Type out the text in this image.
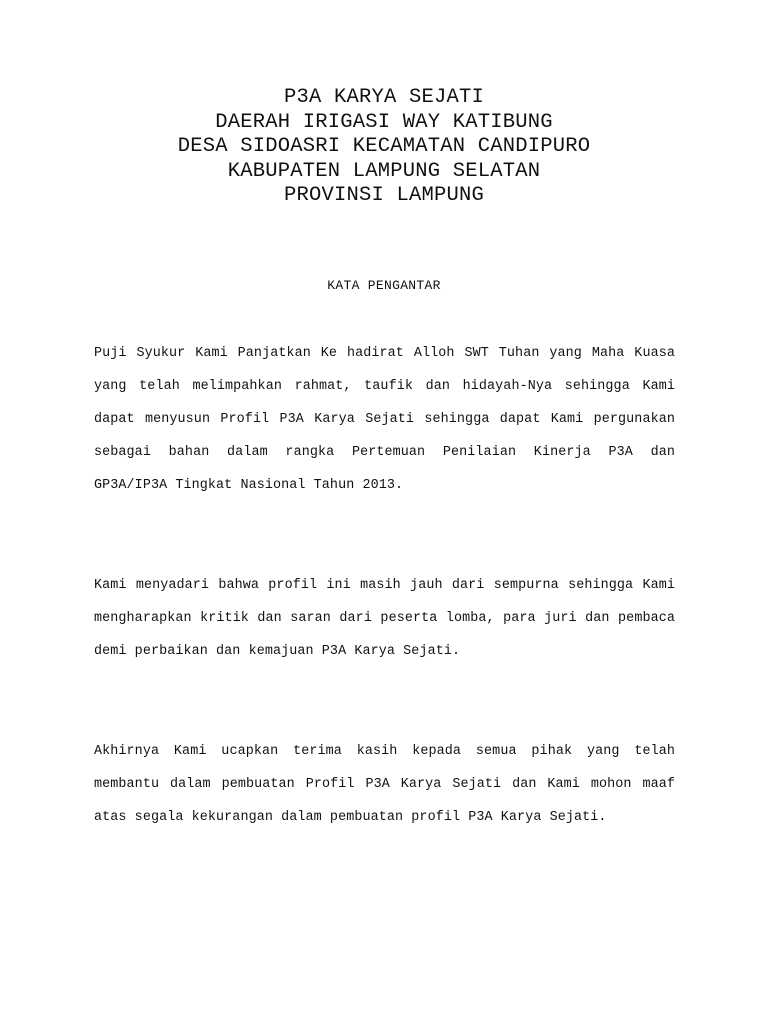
P3A KARYA SEJATI
DAERAH IRIGASI WAY KATIBUNG
DESA SIDOASRI KECAMATAN CANDIPURO
KABUPATEN LAMPUNG SELATAN
PROVINSI LAMPUNG
KATA PENGANTAR

Puji Syukur Kami Panjatkan Ke hadirat Alloh SWT Tuhan yang Maha Kuasa yang telah melimpahkan rahmat, taufik dan hidayah-Nya sehingga Kami dapat menyusun Profil P3A Karya Sejati sehingga dapat Kami pergunakan sebagai bahan dalam rangka Pertemuan Penilaian Kinerja P3A dan GP3A/IP3A Tingkat Nasional Tahun 2013.

Kami menyadari bahwa profil ini masih jauh dari sempurna sehingga Kami mengharapkan kritik dan saran dari peserta lomba, para juri dan pembaca demi perbaikan dan kemajuan P3A Karya Sejati.

Akhirnya Kami ucapkan terima kasih kepada semua pihak yang telah membantu dalam pembuatan Profil P3A Karya Sejati dan Kami mohon maaf atas segala kekurangan dalam pembuatan profil P3A Karya Sejati.
